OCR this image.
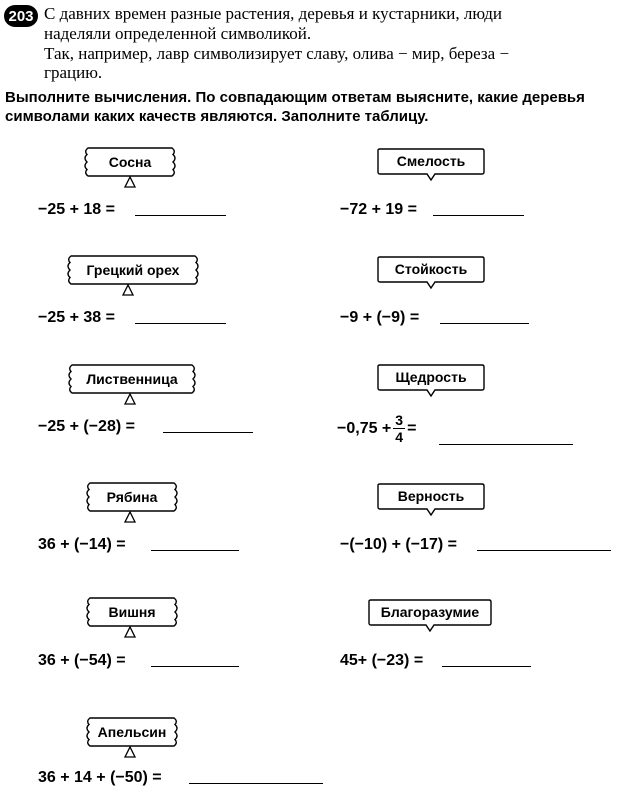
203 С давних времен разные растения, деревья и кустарники, люди
наделяли определенной символикой.
Так, например, лавр символизирует славу, олива − мир, береза −
грацию.
Выполните вычисления. По совпадающим ответам выясните, какие деревья
символами каких качеств являются. Заполните таблицу.
Сосна
−25 + 18 =
Грецкий орех
−25 + 38 =
Лиственница
−25 + (−28) =
Рябина
36 + (−14) =
Вишня
36 + (−54) =
Апельсин
36 + 14 + (−50) =
Смелость
−72 + 19 =
Стойкость
−9 + (−9) =
Щедрость
$-0,75 + \frac{3}{4}$ =
Верность
−(−10) + (−17) =
Благоразумие
45+ (−23) =
